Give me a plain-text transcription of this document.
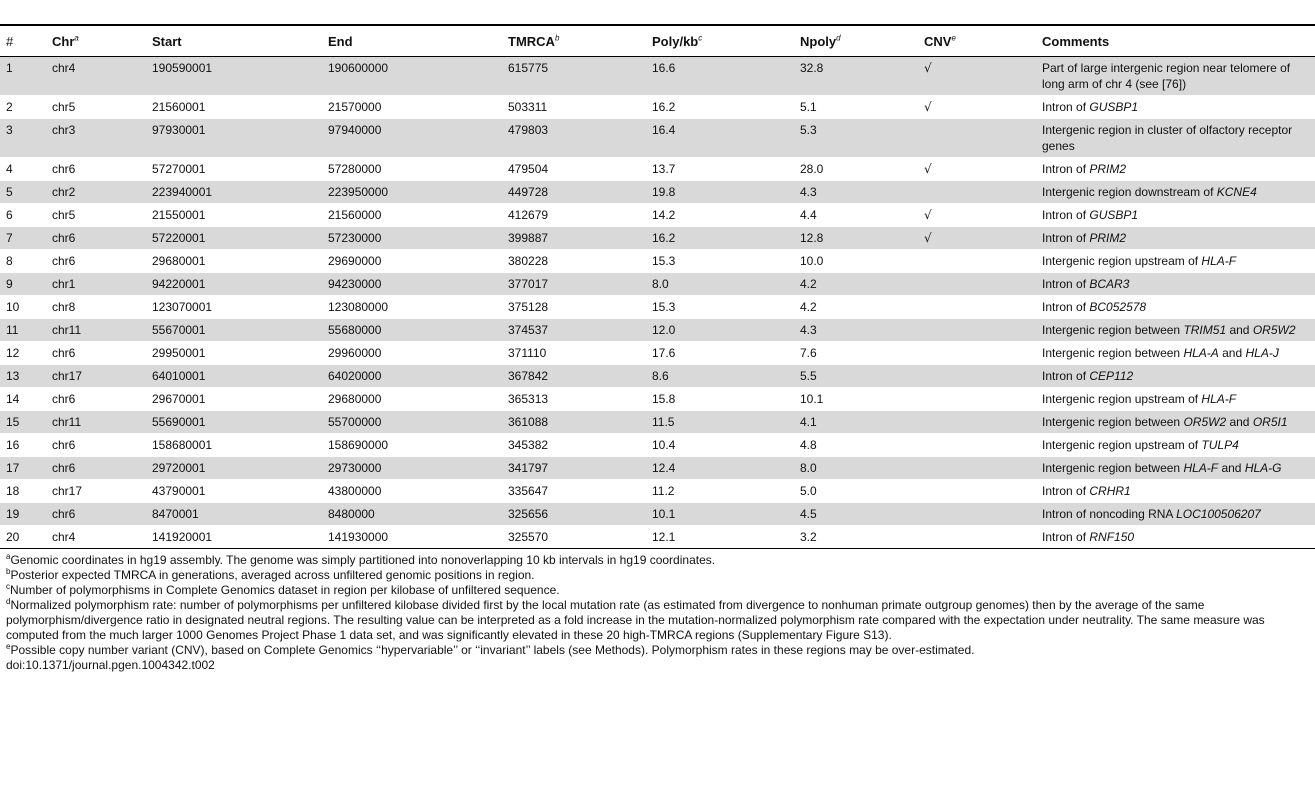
#	Chr$^a$	Start	End	TMRCA$^b$	Poly/$kb^c$	Npoly$^d$	CNV$^e$	Comments
1	chr4	190590001	190600000	615775	16.6	32.8	√	Part of large intergenic region near telomere of long arm of chr 4 (see [76])
2	chr5	21560001	21570000	503311	16.2	5.1	√	Intron of GUSBP1
3	chr3	97930001	97940000	479803	16.4	5.3		Intergenic region in cluster of olfactory receptor genes
4	chr6	57270001	57280000	479504	13.7	28.0	√	Intron of PRIM2
5	chr2	223940001	223950000	449728	19.8	4.3		Intergenic region downstream of KCNE4
6	chr5	21550001	21560000	412679	14.2	4.4	√	Intron of GUSBP1
7	chr6	57220001	57230000	399887	16.2	12.8	√	Intron of PRIM2
8	chr6	29680001	29690000	380228	15.3	10.0		Intergenic region upstream of HLA-F
9	chr1	94220001	94230000	377017	8.0	4.2		Intron of BCAR3
10	chr8	123070001	123080000	375128	15.3	4.2		Intron of BC052578
11	chr11	55670001	55680000	374537	12.0	4.3		Intergenic region between TRIM51 and OR5W2
12	chr6	29950001	29960000	371110	17.6	7.6		Intergenic region between HLA-A and HLA-J
13	chr17	64010001	64020000	367842	8.6	5.5		Intron of CEP112
14	chr6	29670001	29680000	365313	15.8	10.1		Intergenic region upstream of HLA-F
15	chr11	55690001	55700000	361088	11.5	4.1		Intergenic region between OR5W2 and OR5I1
16	chr6	158680001	158690000	345382	10.4	4.8		Intergenic region upstream of TULP4
17	chr6	29720001	29730000	341797	12.4	8.0		Intergenic region between HLA-F and HLA-G
18	chr17	43790001	43800000	335647	11.2	5.0		Intron of CRHR1
19	chr6	8470001	8480000	325656	10.1	4.5		Intron of noncoding RNA LOC100506207
20	chr4	141920001	141930000	325570	12.1	3.2		Intron of RNF150

$^a$Genomic coordinates in hg19 assembly. The genome was simply partitioned into nonoverlapping 10 kb intervals in hg19 coordinates.

$^b$Posterior expected TMRCA in generations, averaged across unfiltered genomic positions in region.

$^c$Number of polymorphisms in Complete Genomics dataset in region per kilobase of unfiltered sequence.

$^d$Normalized polymorphism rate: number of polymorphisms per unfiltered kilobase divided first by the local mutation rate (as estimated from divergence to nonhuman primate outgroup genomes) then by the average of the same polymorphism/divergence ratio in designated neutral regions. The resulting value can be interpreted as a fold increase in the mutation-normalized polymorphism rate compared with the expectation under neutrality. The same measure was computed from the much larger 1000 Genomes Project Phase 1 data set, and was significantly elevated in these 20 high-TMRCA regions (Supplementary Figure S13).

$^e$Possible copy number variant (CNV), based on Complete Genomics ‘‘hypervariable’’ or ‘‘invariant’’ labels (see Methods). Polymorphism rates in these regions may be over-estimated.

doi:10.1371/journal.pgen.1004342.t002
